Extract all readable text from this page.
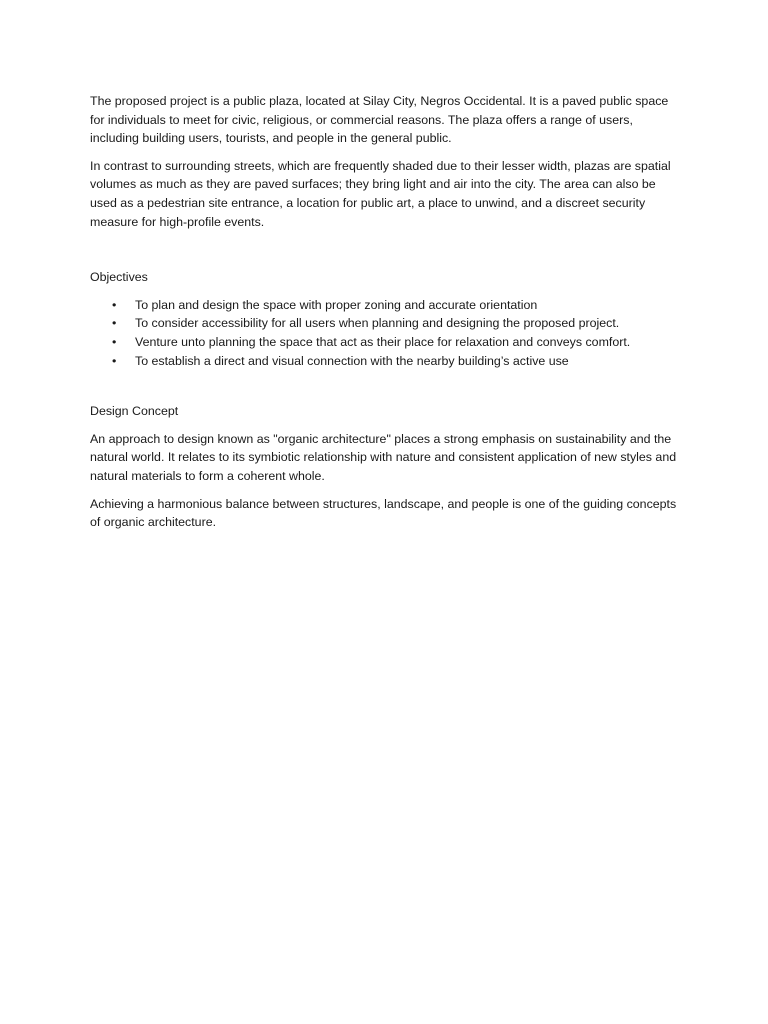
The proposed project is a public plaza, located at Silay City, Negros Occidental. It is a paved public space for individuals to meet for civic, religious, or commercial reasons. The plaza offers a range of users, including building users, tourists, and people in the general public.

In contrast to surrounding streets, which are frequently shaded due to their lesser width, plazas are spatial volumes as much as they are paved surfaces; they bring light and air into the city. The area can also be used as a pedestrian site entrance, a location for public art, a place to unwind, and a discreet security measure for high-profile events.

Objectives

• To plan and design the space with proper zoning and accurate orientation
• To consider accessibility for all users when planning and designing the proposed project.
• Venture unto planning the space that act as their place for relaxation and conveys comfort.
• To establish a direct and visual connection with the nearby building’s active use

Design Concept

An approach to design known as "organic architecture" places a strong emphasis on sustainability and the natural world. It relates to its symbiotic relationship with nature and consistent application of new styles and natural materials to form a coherent whole.

Achieving a harmonious balance between structures, landscape, and people is one of the guiding concepts of organic architecture.
